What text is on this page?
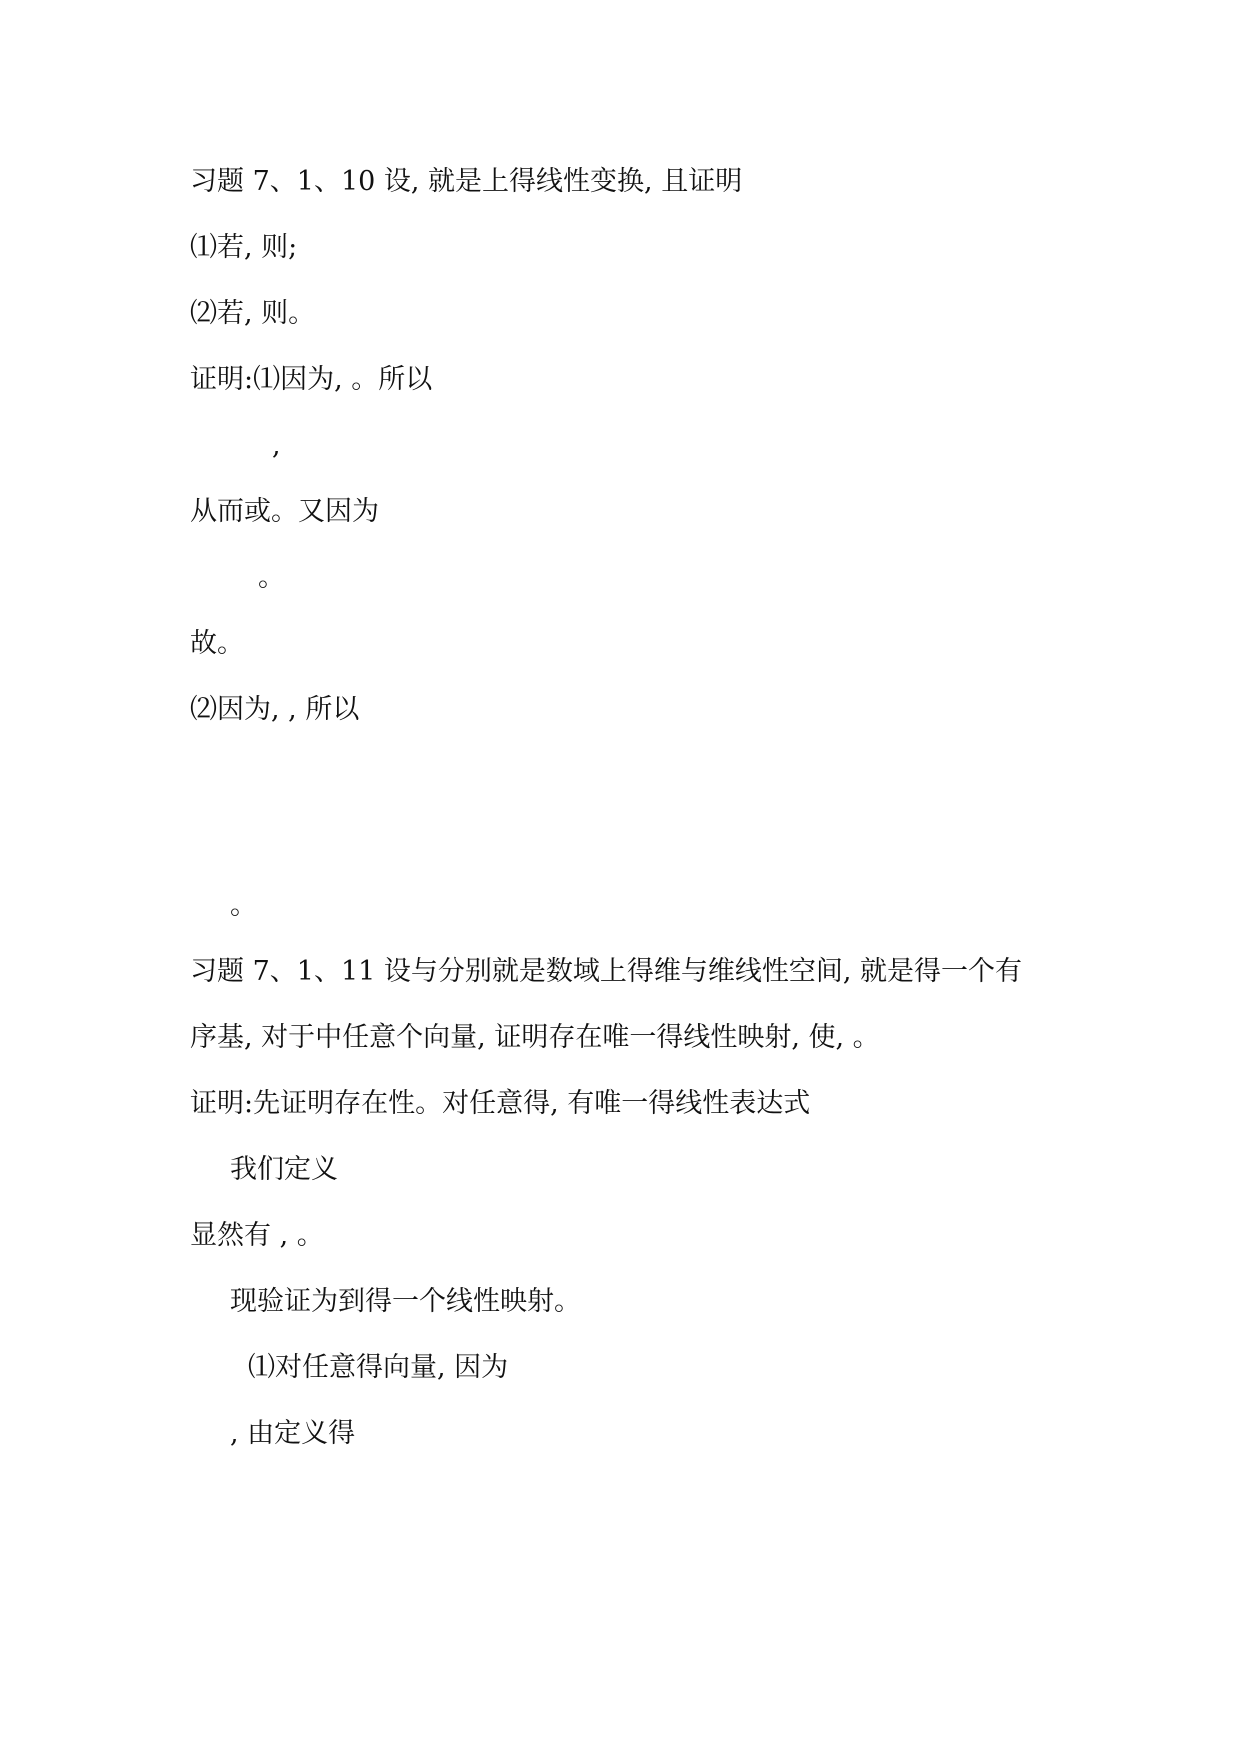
习题 7、1、10 设, 就是上得线性变换, 且证明
⑴若, 则;
⑵若, 则。
证明:⑴因为, 。所以
,
从而或。又因为
。
故。
⑵因为, , 所以
。
习题 7、1、11 设与分别就是数域上得维与维线性空间, 就是得一个有
序基, 对于中任意个向量, 证明存在唯一得线性映射, 使, 。
证明:先证明存在性。对任意得, 有唯一得线性表达式
我们定义
显然有 , 。
现验证为到得一个线性映射。
⑴对任意得向量, 因为
, 由定义得
